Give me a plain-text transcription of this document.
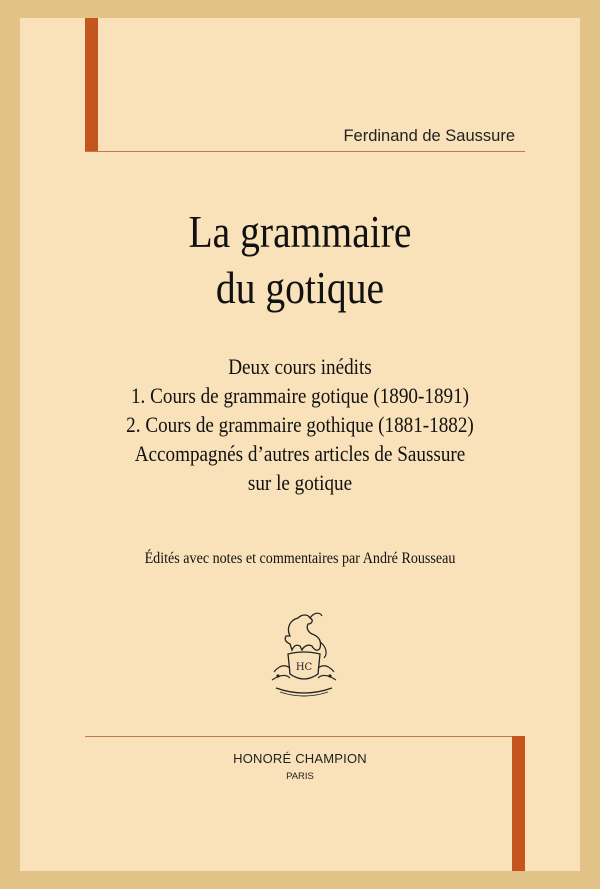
Ferdinand de Saussure
La grammaire
du gotique
Deux cours inédits
1. Cours de grammaire gotique (1890-1891)
2. Cours de grammaire gothique (1881-1882)
Accompagnés d’autres articles de Saussure
sur le gotique
Édités avec notes et commentaires par André Rousseau
HC
HONORÉ CHAMPION
PARIS
